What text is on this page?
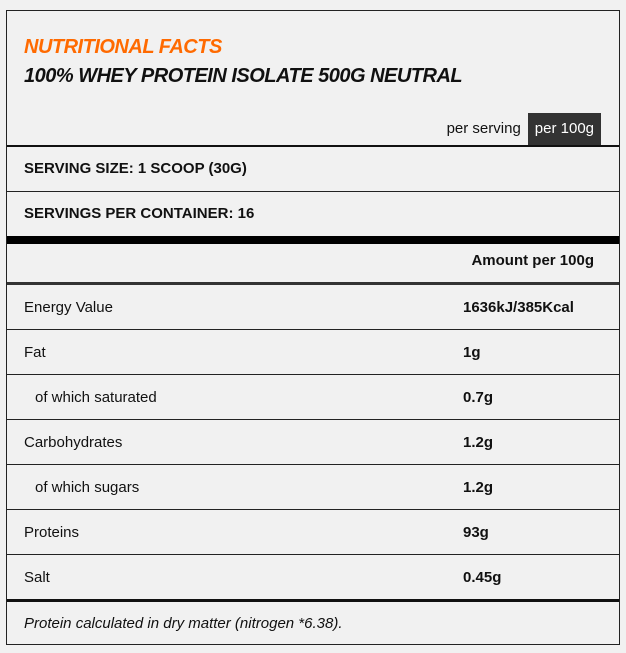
NUTRITIONAL FACTS
100% WHEY PROTEIN ISOLATE 500G NEUTRAL
per serving per 100g
SERVING SIZE: 1 SCOOP (30G)
SERVINGS PER CONTAINER: 16
Amount per 100g
Energy Value	1636kJ/385Kcal
Fat	1g
of which saturated	0.7g
Carbohydrates	1.2g
of which sugars	1.2g
Proteins	93g
Salt	0.45g
Protein calculated in dry matter (nitrogen *6.38).
